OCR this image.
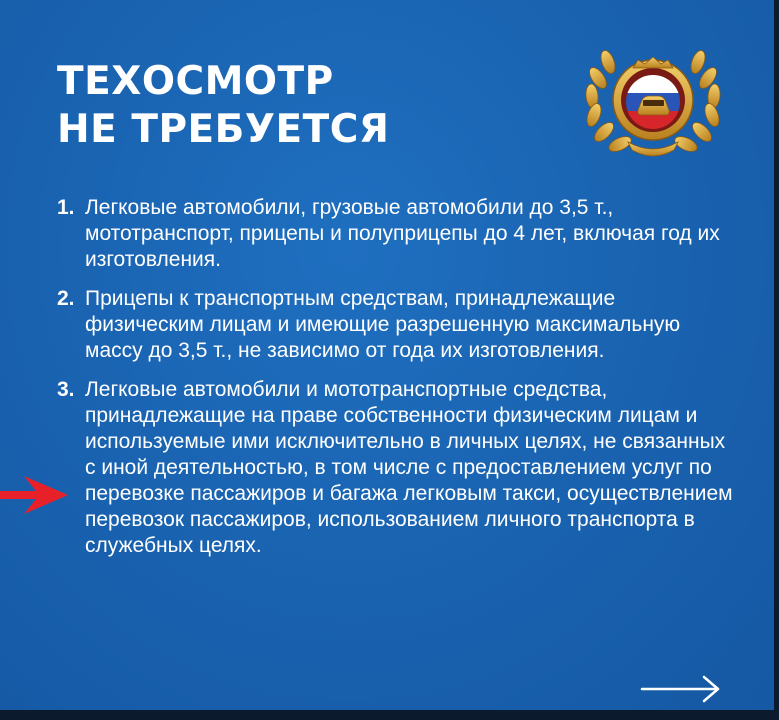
ТЕХОСМОТР
НЕ ТРЕБУЕТСЯ
1. Легковые автомобили, грузовые автомобили до 3,5 т., мототранспорт, прицепы и полуприцепы до 4 лет, включая год их изготовления.
2. Прицепы к транспортным средствам, принадлежащие физическим лицам и имеющие разрешенную максимальную массу до 3,5 т., не зависимо от года их изготовления.
3. Легковые автомобили и мототранспортные средства, принадлежащие на праве собственности физическим лицам и используемые ими исключительно в личных целях, не связанных с иной деятельностью, в том числе с предоставлением услуг по перевозке пассажиров и багажа легковым такси, осуществлением перевозок пассажиров, использованием личного транспорта в служебных целях.
